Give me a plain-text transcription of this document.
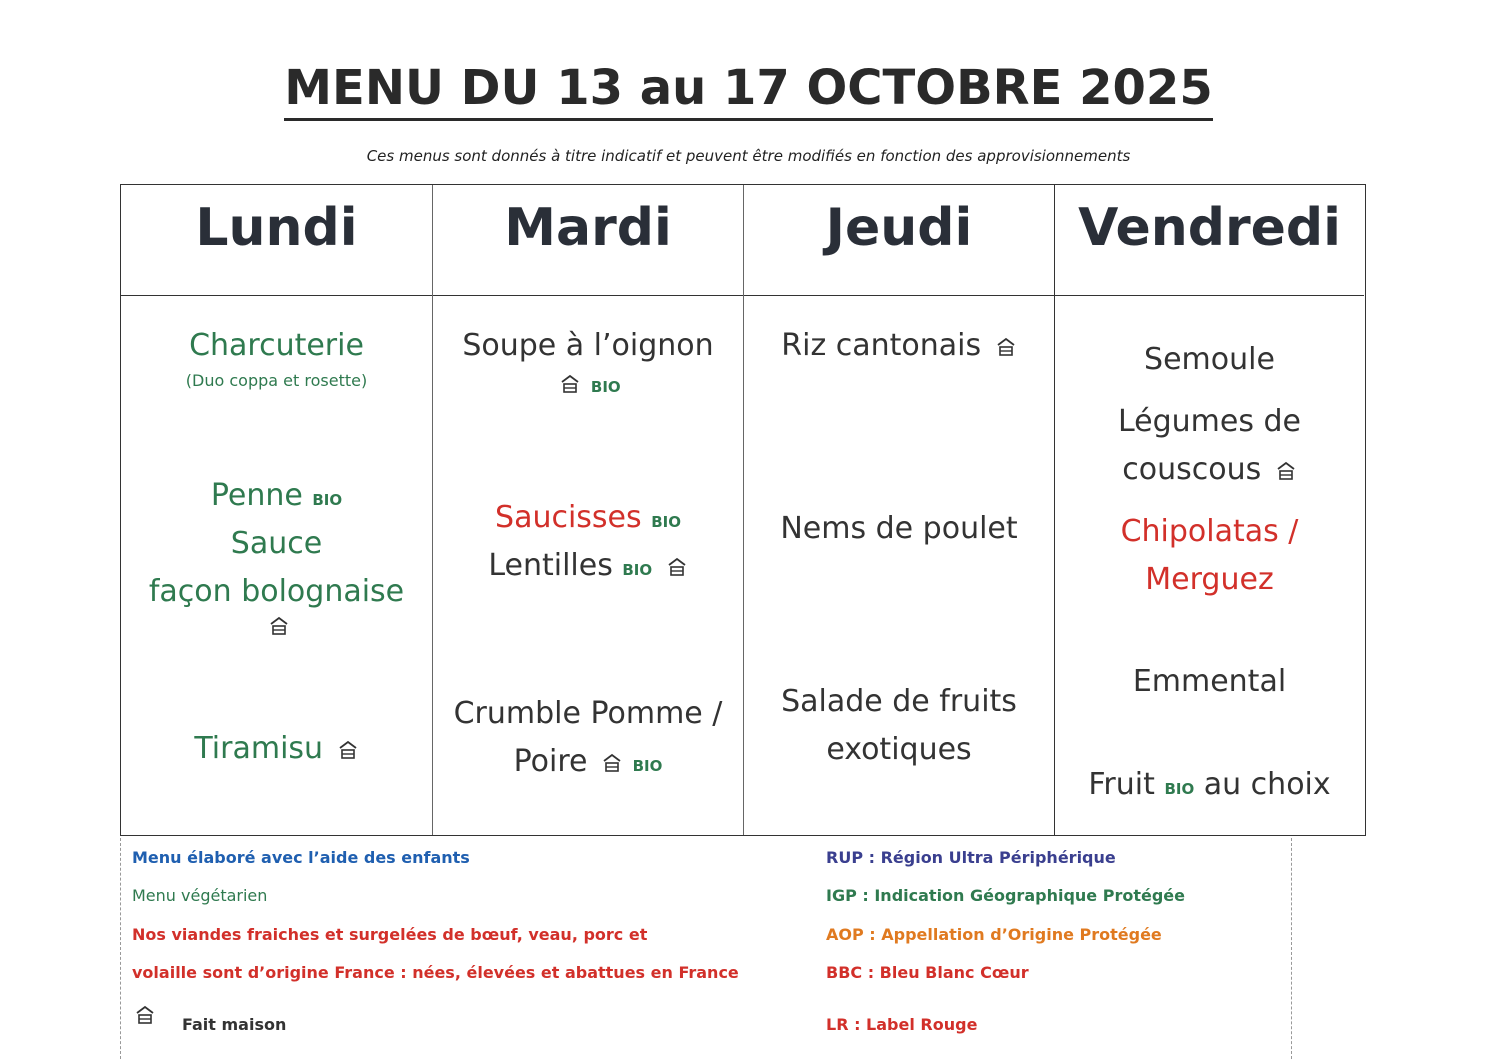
MENU DU 13 au 17 OCTOBRE 2025
Ces menus sont donnés à titre indicatif et peuvent être modifiés en fonction des approvisionnements
Lundi
Charcuterie
(Duo coppa et rosette)
Penne BIO
Sauce
façon bolognaise
Tiramisu
Mardi
Soupe à l’oignon
BIO
Saucisses BIO
Lentilles BIO
Crumble Pomme /
Poire	BIO
Jeudi
Riz cantonais
Nems de poulet
Salade de fruits
exotiques
Vendredi
Semoule
Légumes de
couscous
Chipolatas /
Merguez
Emmental
Fruit BIO au choix
Menu élaboré avec l’aide des enfants
Menu végétarien
Nos viandes fraiches et surgelées de bœuf, veau, porc et
volaille sont d’origine France : nées, élevées et abattues en France
Fait maison
RUP : Région Ultra Périphérique
IGP : Indication Géographique Protégée
AOP : Appellation d’Origine Protégée
BBC : Bleu Blanc Cœur
LR : Label Rouge
